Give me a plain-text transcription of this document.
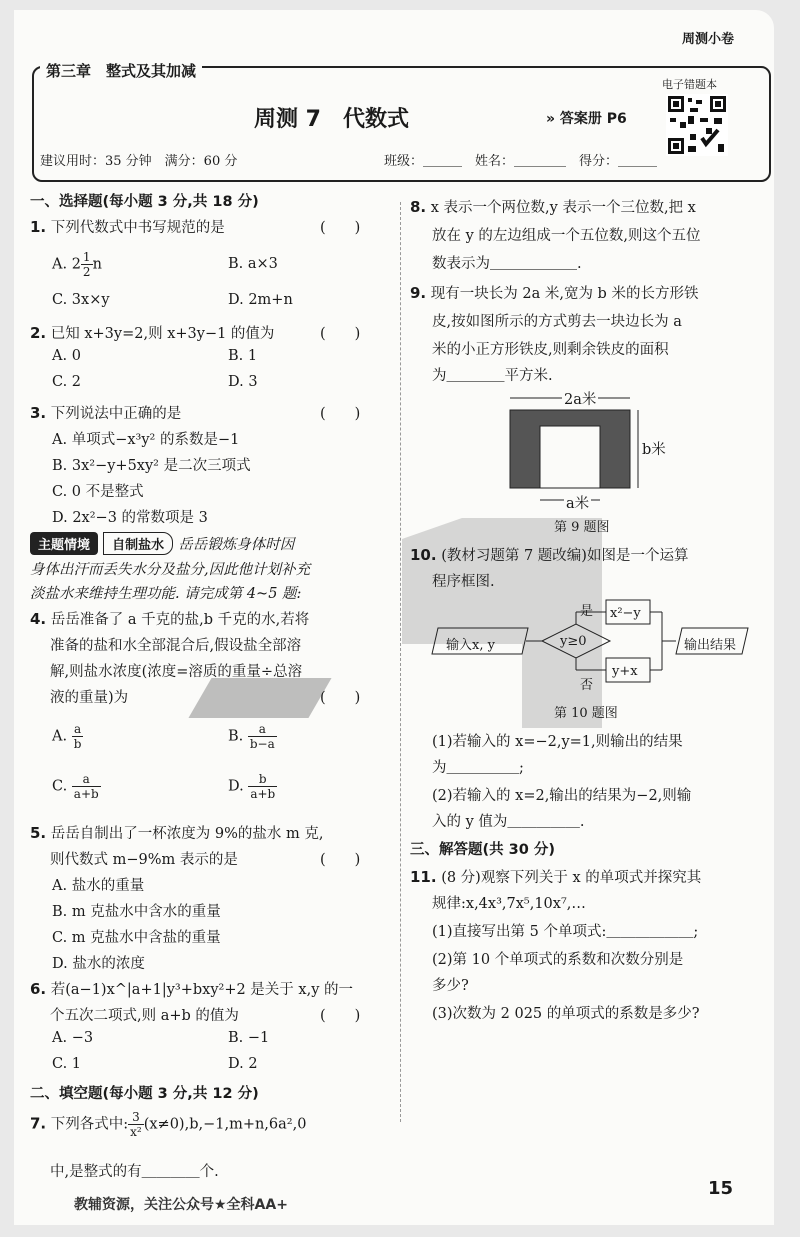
周测小卷
第三章　整式及其加减
周测 7　代数式	» 答案册 P6
电子错题本
建议用时：35 分钟　满分：60 分	班级：＿＿＿　姓名：＿＿＿＿　得分：＿＿＿
一、选择题(每小题 3 分,共 18 分)
1. 下列代数式中书写规范的是	(　　)
A. $2 \frac{1}{2}$ n	B. a×3
C. 3x×y	D. 2m+n
2. 已知 x+3y=2,则 x+3y−1 的值为	(　　)
A. 0	B. 1
C. 2	D. 3
3. 下列说法中正确的是	(　　)
A. 单项式−x³y² 的系数是−1
B. 3x²−y+5xy² 是二次三项式
C. 0 不是整式
D. 2x²−3 的常数项是 3
主题情境 自制盐水 岳岳锻炼身体时因
身体出汗而丢失水分及盐分,因此他计划补充
淡盐水来维持生理功能. 请完成第 4~5 题:
4. 岳岳准备了 a 千克的盐,b 千克的水,若将
准备的盐和水全部混合后,假设盐全部溶
解,则盐水浓度(浓度=溶质的重量÷总溶
液的重量)为	(　　)
A. $\frac{a}{b}$	B. $\frac{a}{b-a}$
C. $\frac{a}{a+b}$	D. $\frac{b}{a+b}$
5. 岳岳自制出了一杯浓度为 9%的盐水 m 克,
则代数式 m−9%m 表示的是	(　　)
A. 盐水的重量
B. m 克盐水中含水的重量
C. m 克盐水中含盐的重量
D. 盐水的浓度
6. 若(a−1)x^|a+1|y³+bxy²+2 是关于 x,y 的一
个五次二项式,则 a+b 的值为	(　　)
A. −3	B. −1
C. 1	D. 2
二、填空题(每小题 3 分,共 12 分)
7. 下列各式中: $\frac{3}{\text{x²}} (x\ne 0),b,-1,m+n,6a^2,0$
中,是整式的有＿＿＿＿个.
8. x 表示一个两位数,y 表示一个三位数,把 x
放在 y 的左边组成一个五位数,则这个五位
数表示为＿＿＿＿＿＿.
9. 现有一块长为 2a 米,宽为 b 米的长方形铁
皮,按如图所示的方式剪去一块边长为 a
米的小正方形铁皮,则剩余铁皮的面积
为＿＿＿＿平方米.
2a米
b米
a米
第 9 题图
10. (教材习题第 7 题改编)如图是一个运算
程序框图.
输入x, y	y≥0
是
否
x²−y
y+x
输出结果
第 10 题图
(1)若输入的 x=−2,y=1,则输出的结果
为＿＿＿＿＿;
(2)若输入的 x=2,输出的结果为−2,则输
入的 y 值为＿＿＿＿＿.
三、解答题(共 30 分)
11. (8 分)观察下列关于 x 的单项式并探究其
规律:x,4x³,7x⁵,10x⁷,…
(1)直接写出第 5 个单项式:＿＿＿＿＿＿;
(2)第 10 个单项式的系数和次数分别是
多少?
(3)次数为 2 025 的单项式的系数是多少?
教辅资源，关注公众号★全科AA+
15
